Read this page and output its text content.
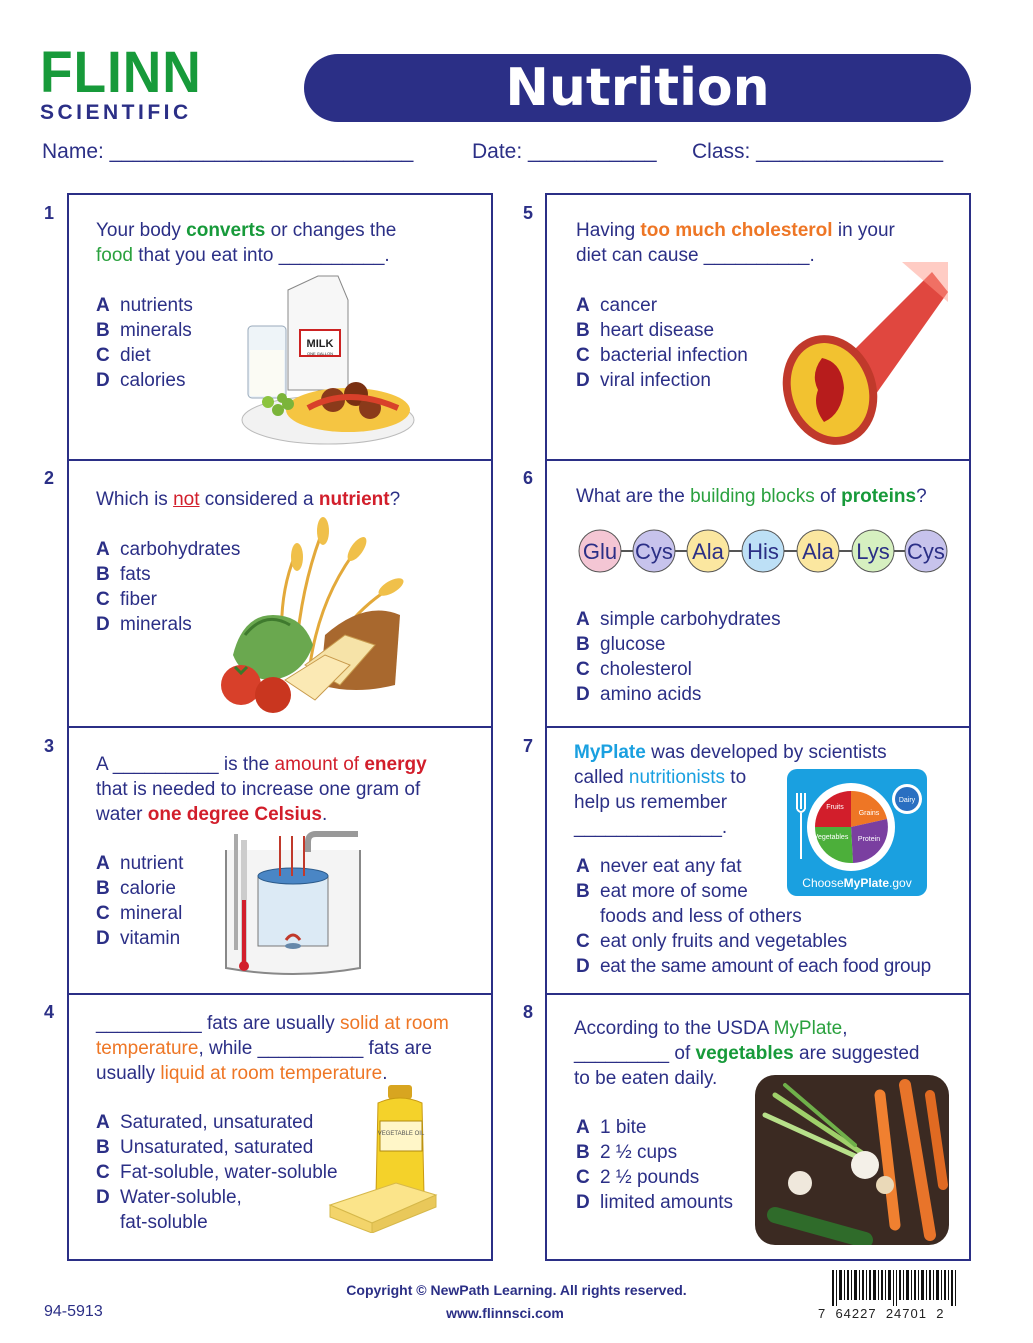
FLINN
SCIENTIFIC	Nutrition
Name: __________________________	Date: ___________ Class: ________________
1
2
3
4
5
6
7
8
Your body converts or changes the
food that you eat into __________.
A nutrients
B minerals
C diet
D calories
MILK
ONE GALLON
Which is not considered a nutrient?
A carbohydrates
B fats
C fiber
D minerals
A __________ is the amount of energy
that is needed to increase one gram of
water one degree Celsius.
A nutrient
B calorie
C mineral
D vitamin
__________ fats are usually solid at room
temperature, while __________ fats are
usually liquid at room temperature.
A Saturated, unsaturated
B Unsaturated, saturated
C Fat-soluble, water-soluble
D Water-soluble,
fat-soluble
VEGETABLE OIL
Having too much cholesterol in your
diet can cause __________.
A cancer
B heart disease
C bacterial infection
D viral infection
What are the building blocks of proteins?
Glu Cys Ala His Ala Lys Cys
A simple carbohydrates
B glucose
C cholesterol
D amino acids
MyPlate was developed by scientists
called nutritionists to
help us remember
______________.
Fruits
Grains
Vegetables Protein
Dairy
ChooseMyPlate.gov
A never eat any fat
B eat more of some
foods and less of others
C eat only fruits and vegetables
D eat the same amount of each food group
According to the USDA MyPlate,
_________ of vegetables are suggested
to be eaten daily.
A 1 bite
B 2 ½ cups
C 2 ½ pounds
D limited amounts
94-5913
Copyright © NewPath Learning. All rights reserved.
www.flinnsci.com	7  64227  24701  2
